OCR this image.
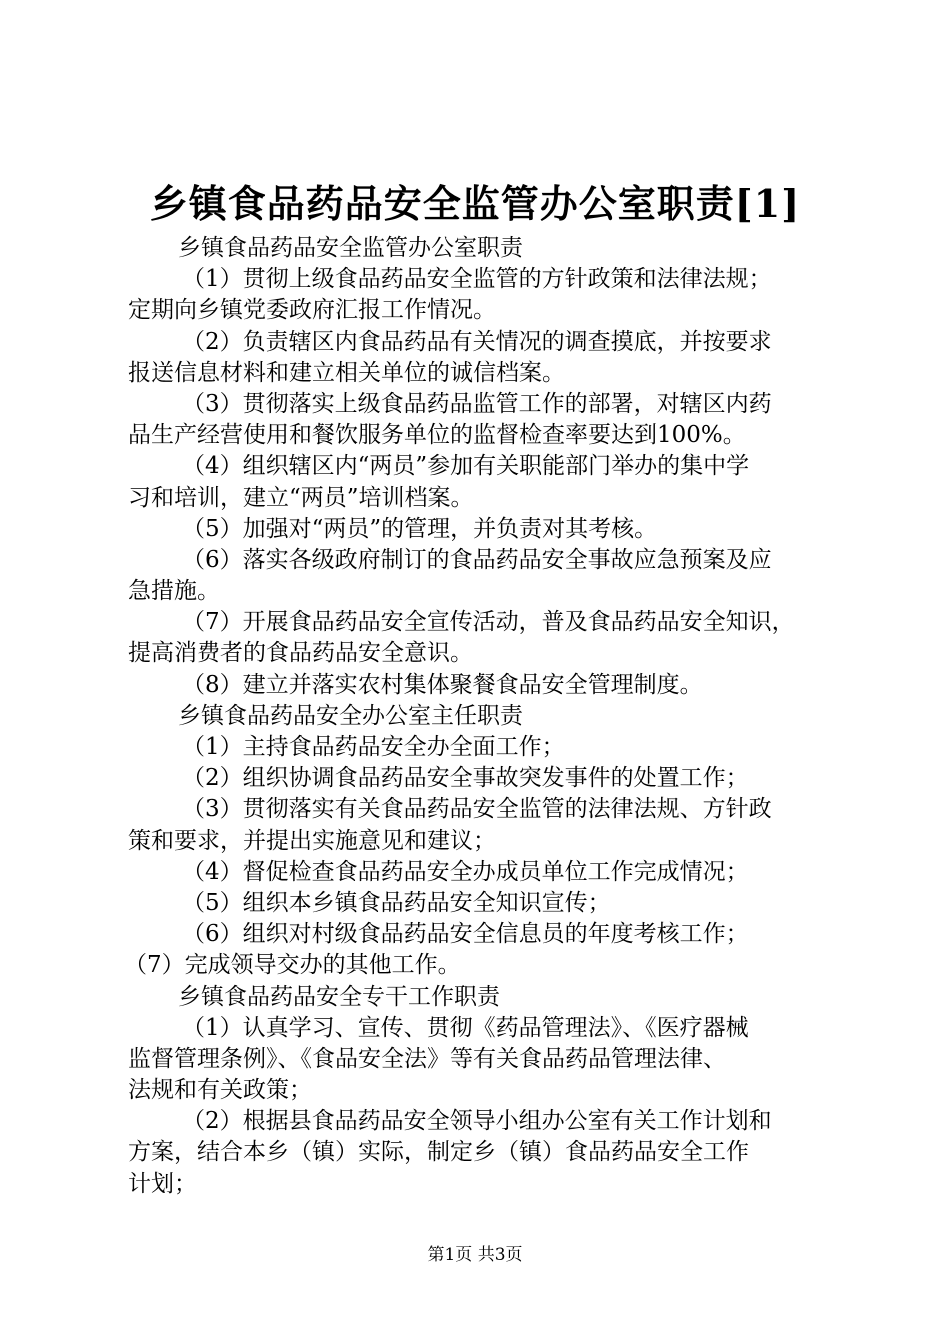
乡镇食品药品安全监管办公室职责[1]
乡镇食品药品安全监管办公室职责
（1）贯彻上级食品药品安全监管的方针政策和法律法规；
定期向乡镇党委政府汇报工作情况。
（2）负责辖区内食品药品有关情况的调查摸底，并按要求
报送信息材料和建立相关单位的诚信档案。
（3）贯彻落实上级食品药品监管工作的部署，对辖区内药
品生产经营使用和餐饮服务单位的监督检查率要达到100%。
（4）组织辖区内“两员”参加有关职能部门举办的集中学
习和培训，建立“两员”培训档案。
（5）加强对“两员”的管理，并负责对其考核。
（6）落实各级政府制订的食品药品安全事故应急预案及应
急措施。
（7）开展食品药品安全宣传活动，普及食品药品安全知识，
提高消费者的食品药品安全意识。
（8）建立并落实农村集体聚餐食品安全管理制度。
乡镇食品药品安全办公室主任职责
（1）主持食品药品安全办全面工作；
（2）组织协调食品药品安全事故突发事件的处置工作；
（3）贯彻落实有关食品药品安全监管的法律法规、方针政
策和要求，并提出实施意见和建议；
（4）督促检查食品药品安全办成员单位工作完成情况；
（5）组织本乡镇食品药品安全知识宣传；
（6）组织对村级食品药品安全信息员的年度考核工作；
（7）完成领导交办的其他工作。
乡镇食品药品安全专干工作职责
（1）认真学习、宣传、贯彻《药品管理法》、《医疗器械
监督管理条例》、《食品安全法》等有关食品药品管理法律、
法规和有关政策；
（2）根据县食品药品安全领导小组办公室有关工作计划和
方案，结合本乡（镇）实际，制定乡（镇）食品药品安全工作
计划；
第1页 共3页
